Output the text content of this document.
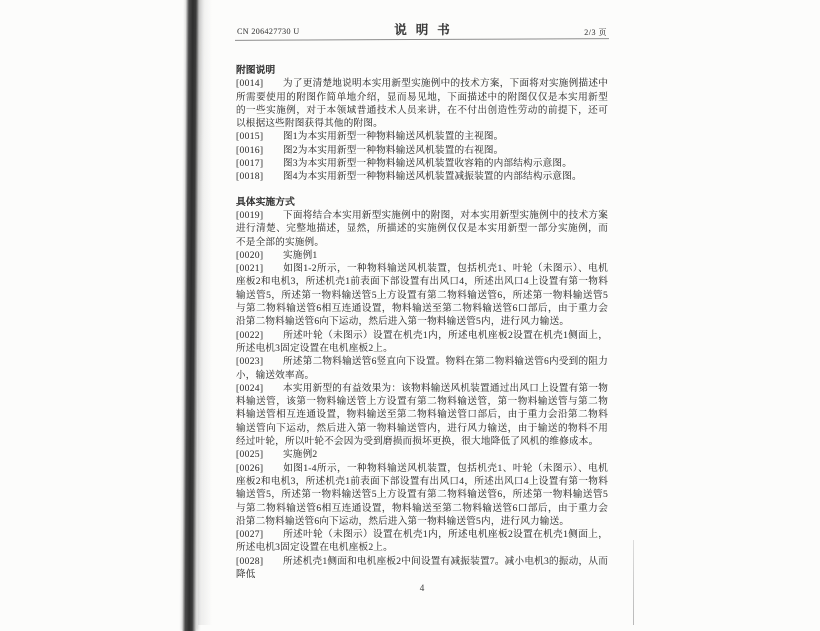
CN 206427730 U	说明书	2/3 页
附图说明

[0014] 为了更清楚地说明本实用新型实施例中的技术方案，下面将对实施例描述中所需要使用的附图作简单地介绍，显而易见地，下面描述中的附图仅仅是本实用新型的一些实施例，对于本领域普通技术人员来讲，在不付出创造性劳动的前提下，还可以根据这些附图获得其他的附图。

[0015] 图1为本实用新型一种物料输送风机装置的主视图。

[0016] 图2为本实用新型一种物料输送风机装置的右视图。

[0017] 图3为本实用新型一种物料输送风机装置收容箱的内部结构示意图。

[0018] 图4为本实用新型一种物料输送风机装置减振装置的内部结构示意图。

具体实施方式

[0019] 下面将结合本实用新型实施例中的附图，对本实用新型实施例中的技术方案进行清楚、完整地描述，显然，所描述的实施例仅仅是本实用新型一部分实施例，而不是全部的实施例。

[0020] 实施例1

[0021] 如图1-2所示，一种物料输送风机装置，包括机壳1、叶轮（未图示）、电机座板2和电机3，所述机壳1前表面下部设置有出风口4，所述出风口4上设置有第一物料输送管5，所述第一物料输送管5上方设置有第二物料输送管6，所述第一物料输送管5与第二物料输送管6相互连通设置，物料输送至第二物料输送管6口部后，由于重力会沿第二物料输送管6向下运动，然后进入第一物料输送管5内，进行风力输送。

[0022] 所述叶轮（未图示）设置在机壳1内，所述电机座板2设置在机壳1侧面上，所述电机3固定设置在电机座板2上。

[0023] 所述第二物料输送管6竖直向下设置。物料在第二物料输送管6内受到的阻力小，输送效率高。

[0024] 本实用新型的有益效果为：该物料输送风机装置通过出风口上设置有第一物料输送管，该第一物料输送管上方设置有第二物料输送管，第一物料输送管与第二物料输送管相互连通设置，物料输送至第二物料输送管口部后，由于重力会沿第二物料输送管向下运动，然后进入第一物料输送管内，进行风力输送，由于输送的物料不用经过叶轮，所以叶轮不会因为受到磨损而损坏更换，很大地降低了风机的维修成本。

[0025] 实施例2

[0026] 如图1-4所示，一种物料输送风机装置，包括机壳1、叶轮（未图示）、电机座板2和电机3，所述机壳1前表面下部设置有出风口4，所述出风口4上设置有第一物料输送管5，所述第一物料输送管5上方设置有第二物料输送管6，所述第一物料输送管5与第二物料输送管6相互连通设置，物料输送至第二物料输送管6口部后，由于重力会沿第二物料输送管6向下运动，然后进入第一物料输送管5内，进行风力输送。

[0027] 所述叶轮（未图示）设置在机壳1内，所述电机座板2设置在机壳1侧面上，所述电机3固定设置在电机座板2上。

[0028] 所述机壳1侧面和电机座板2中间设置有减振装置7。减小电机3的振动，从而降低

4
